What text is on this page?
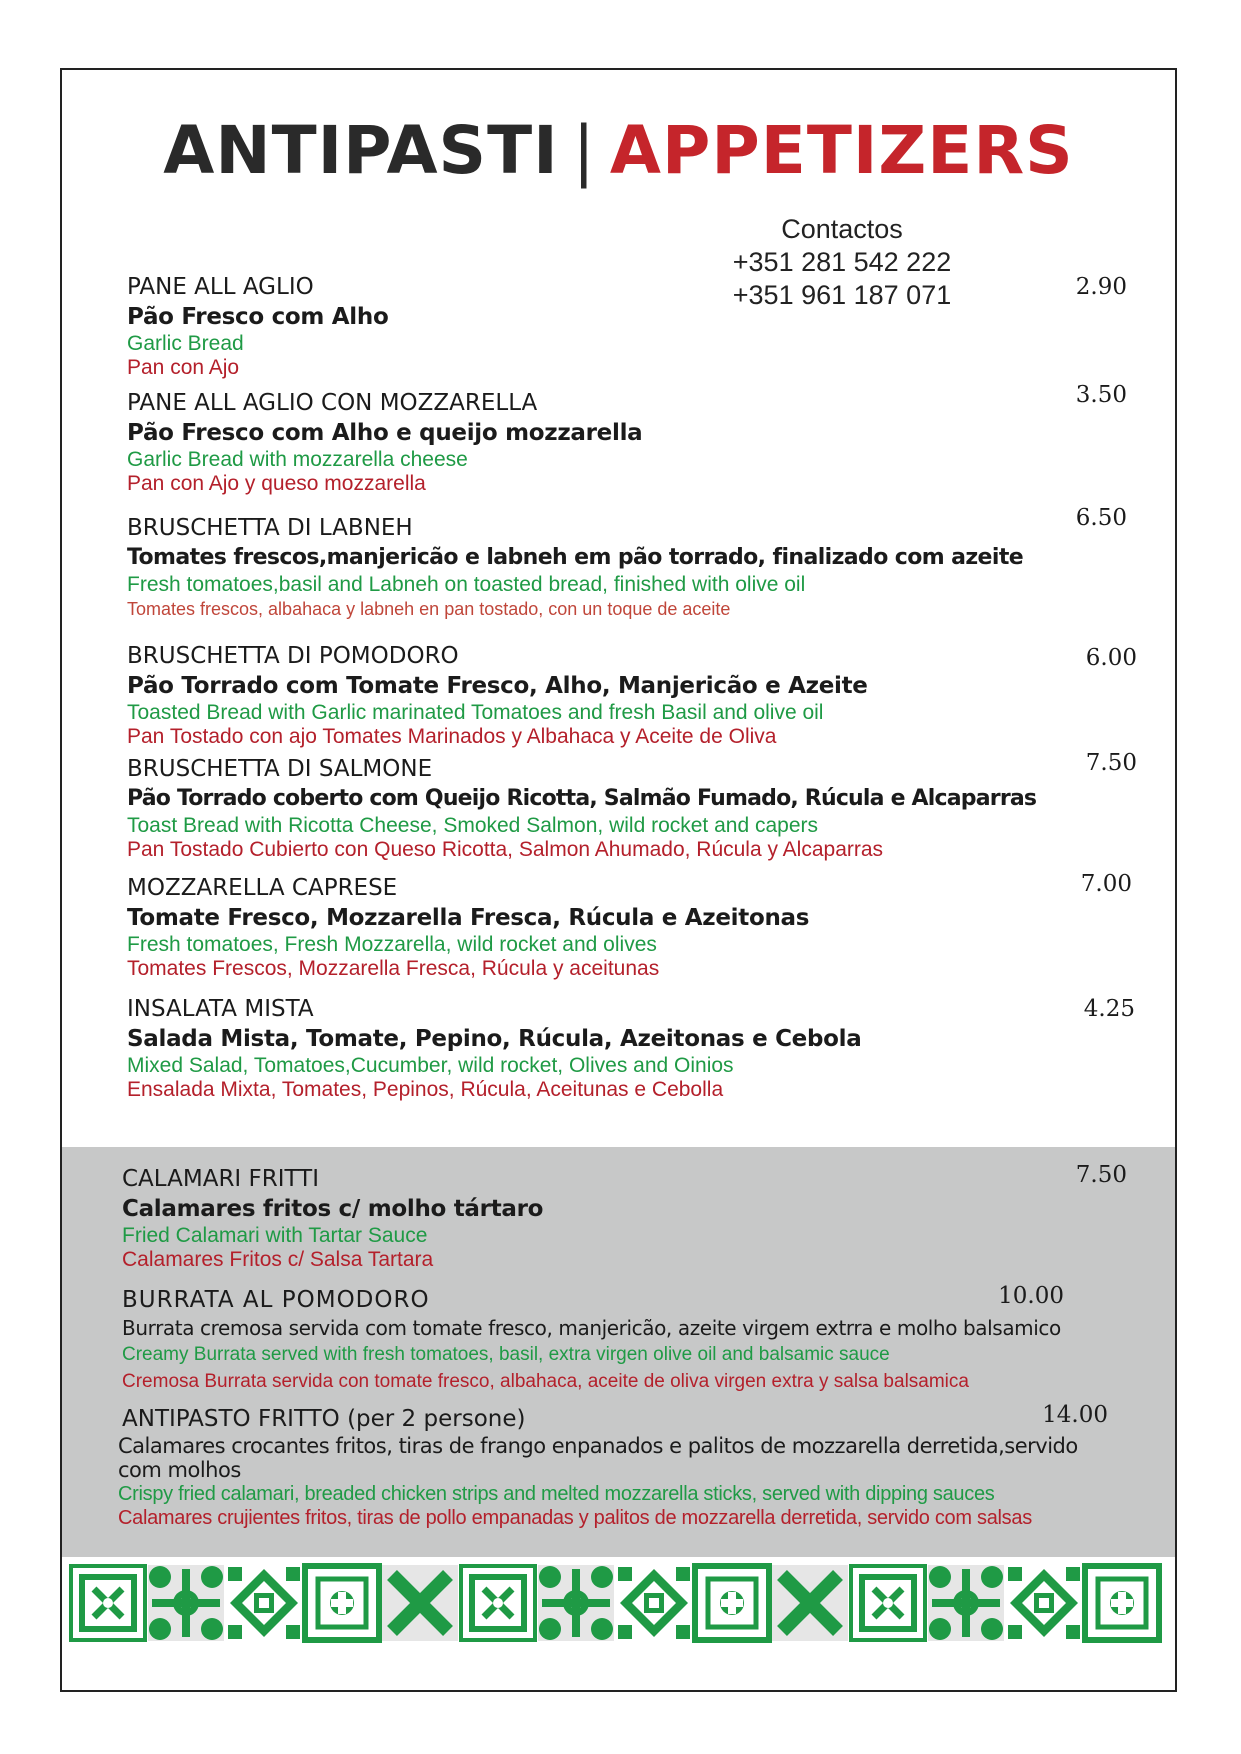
ANTIPASTI | APPETIZERS
Contactos
+351 281 542 222
+351 961 187 071
PANE ALL AGLIO
Pão Fresco com Alho
Garlic Bread
Pan con Ajo
2.90
PANE ALL AGLIO CON MOZZARELLA
Pão Fresco com Alho e queijo mozzarella
Garlic Bread with mozzarella cheese
Pan con Ajo y queso mozzarella
3.50
BRUSCHETTA DI LABNEH
Tomates frescos,manjericão e labneh em pão torrado, finalizado com azeite
Fresh tomatoes,basil and Labneh on toasted bread, finished with olive oil
Tomates frescos, albahaca y labneh en pan tostado, con un toque de aceite
6.50
BRUSCHETTA DI POMODORO
Pão Torrado com Tomate Fresco, Alho, Manjericão e Azeite
Toasted Bread with Garlic marinated Tomatoes and fresh Basil and olive oil
Pan Tostado con ajo Tomates Marinados y Albahaca y Aceite de Oliva
6.00
BRUSCHETTA DI SALMONE
Pão Torrado coberto com Queijo Ricotta, Salmão Fumado, Rúcula e Alcaparras
Toast Bread with Ricotta Cheese, Smoked Salmon, wild rocket and capers
Pan Tostado Cubierto con Queso Ricotta, Salmon Ahumado, Rúcula y Alcaparras
7.50
MOZZARELLA CAPRESE
Tomate Fresco, Mozzarella Fresca, Rúcula e Azeitonas
Fresh tomatoes, Fresh Mozzarella, wild rocket and olives
Tomates Frescos, Mozzarella Fresca, Rúcula y aceitunas
7.00
INSALATA MISTA
Salada Mista, Tomate, Pepino, Rúcula, Azeitonas e Cebola
Mixed Salad, Tomatoes,Cucumber, wild rocket, Olives and Oinios
Ensalada Mixta, Tomates, Pepinos, Rúcula, Aceitunas e Cebolla
4.25
CALAMARI FRITTI
Calamares fritos c/ molho tártaro
Fried Calamari with Tartar Sauce
Calamares Fritos c/ Salsa Tartara
7.50
BURRATA AL POMODORO
Burrata cremosa servida com tomate fresco, manjericão, azeite virgem extrra e molho balsamico
Creamy Burrata served with fresh tomatoes, basil, extra virgen olive oil and balsamic sauce
Cremosa Burrata servida con tomate fresco, albahaca, aceite de oliva virgen extra y salsa balsamica
10.00
ANTIPASTO FRITTO (per 2 persone)
Calamares crocantes fritos, tiras de frango enpanados e palitos de mozzarella derretida,servido com molhos
Crispy fried calamari, breaded chicken strips and melted mozzarella sticks, served with dipping sauces
Calamares crujientes fritos, tiras de pollo empanadas y palitos de mozzarella derretida, servido com salsas
14.00
